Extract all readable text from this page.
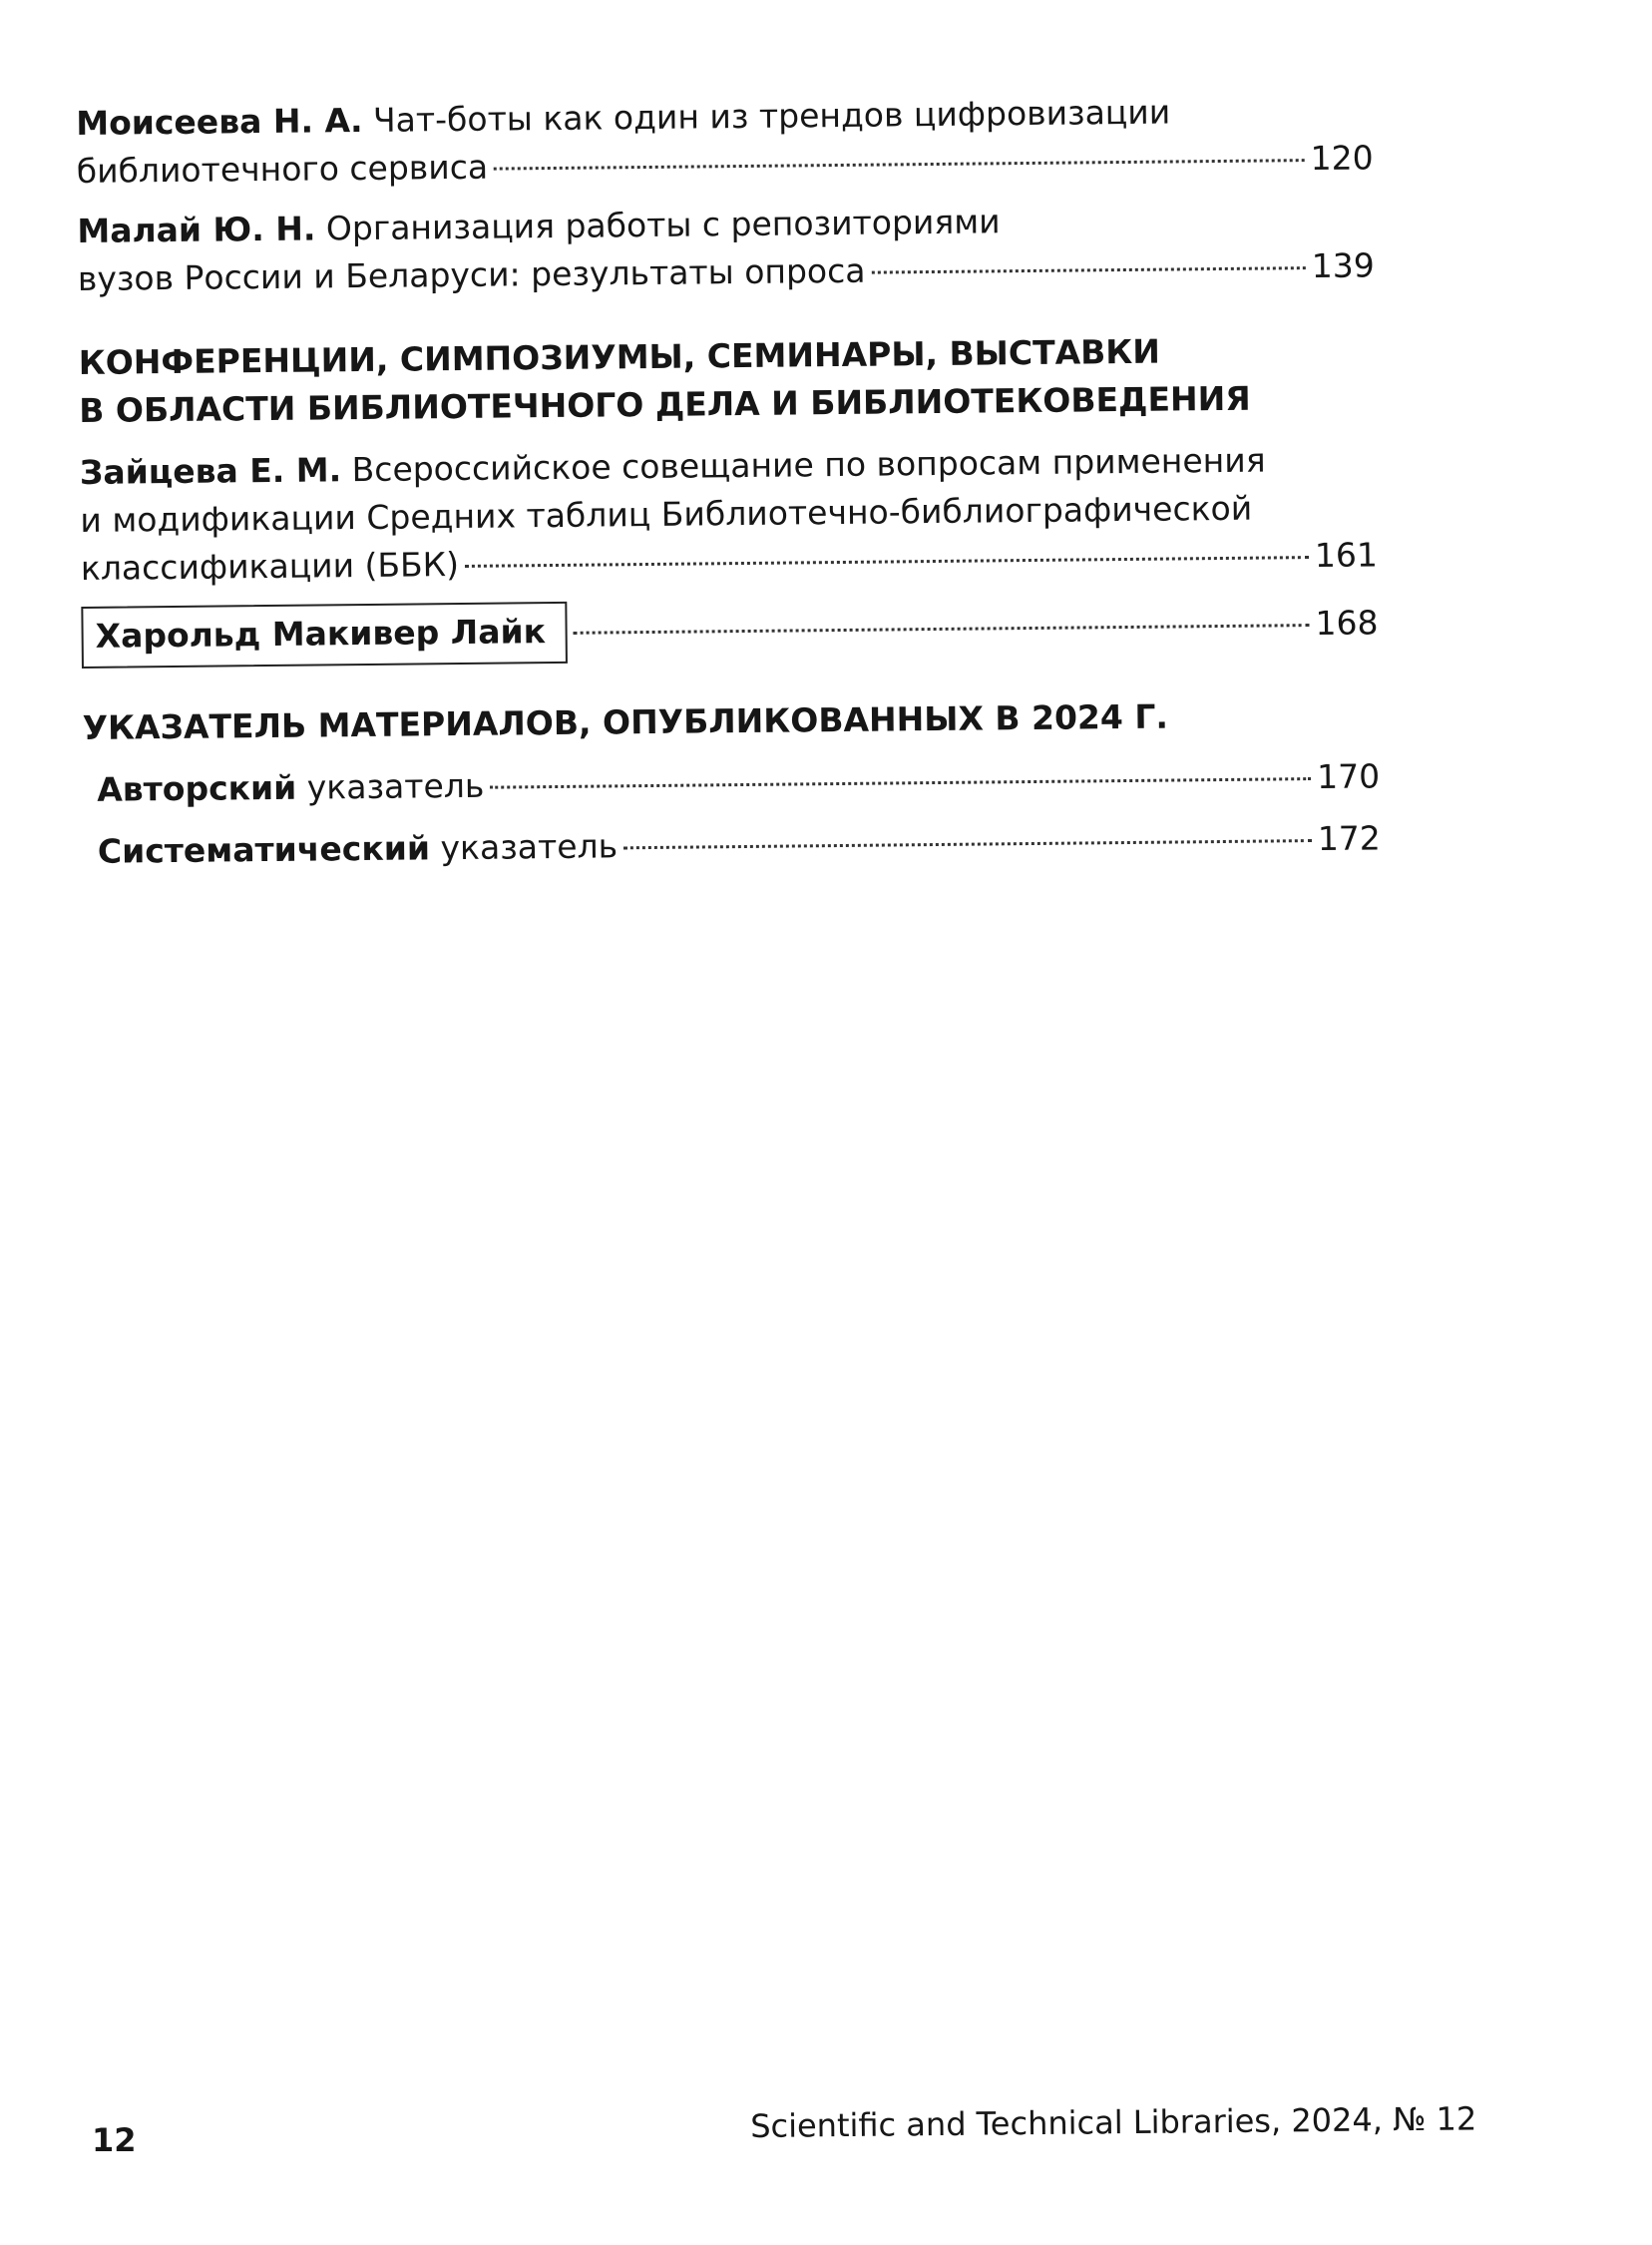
Моисеева Н. А. Чат-боты как один из трендов цифровизации
библиотечного сервиса	120
Малай Ю. Н. Организация работы с репозиториями
вузов России и Беларуси: результаты опроса	139
КОНФЕРЕНЦИИ, СИМПОЗИУМЫ, СЕМИНАРЫ, ВЫСТАВКИ
В ОБЛАСТИ БИБЛИОТЕЧНОГО ДЕЛА И БИБЛИОТЕКОВЕДЕНИЯ
Зайцева Е. М. Всероссийское совещание по вопросам применения
и модификации Средних таблиц Библиотечно-библиографической
классификации (ББК)	161
Харольд Макивер Лайк	168
УКАЗАТЕЛЬ МАТЕРИАЛОВ, ОПУБЛИКОВАННЫХ В 2024 Г.
Авторский указатель	170
Систематический указатель	172
12	Scientific and Technical Libraries, 2024, № 12
